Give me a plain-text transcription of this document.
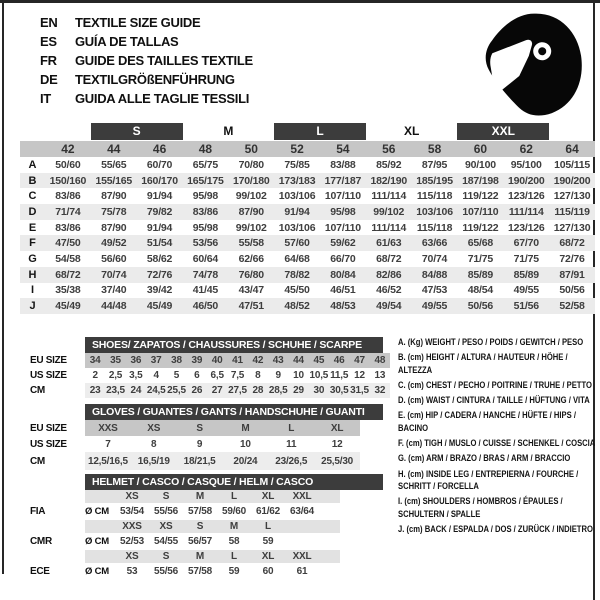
EN	TEXTILE SIZE GUIDE
ES	GUÍA DE TALLAS
FR	GUIDE DES TAILLES TEXTILE
DE	TEXTILGRÖßENFÜHRUNG
IT	GUIDA ALLE TAGLIE TESSILI
S	M	L	XL	XXL
42	44	46	48	50	52	54	56	58	60	62	64
A	50/60	55/65	60/70	65/75	70/80	75/85	83/88	85/92	87/95	90/100	95/100	105/115
B	150/160 155/165 160/170 165/175 170/180 173/183 177/187 182/190 185/195 187/198 190/200 190/200
C	83/86	87/90	91/94	95/98	99/102	103/106 107/110 111/114	115/118 119/122 123/126 127/130
D	71/74	75/78	79/82	83/86	87/90	91/94	95/98	99/102	103/106 107/110 111/114	115/119
E	83/86	87/90	91/94	95/98	99/102	103/106 107/110 111/114	115/118 119/122 123/126 127/130
F	47/50	49/52	51/54	53/56	55/58	57/60	59/62	61/63	63/66	65/68	67/70	68/72
G	54/58	56/60	58/62	60/64	62/66	64/68	66/70	68/72	70/74	71/75	71/75	72/76
H	68/72	70/74	72/76	74/78	76/80	78/82	80/84	82/86	84/88	85/89	85/89	87/91
I	35/38	37/40	39/42	41/45	43/47	45/50	46/51	46/52	47/53	48/54	49/55	50/56
J	45/49	44/48	45/49	46/50	47/51	48/52	48/53	49/54	49/55	50/56	51/56	52/58
SHOES/ ZAPATOS / CHAUSSURES / SCHUHE / SCARPE
EU SIZE	34 35 36 37 38 39 40 41 42 43 44 45 46 47 48
US SIZE	2	2,5 3,5	4	5	6	6,5 7,5	8	9	10 10,5 11,5 12 13
CM	23 23,5 24 24,5 25,5 26 27 27,5 28 28,5 29 30 30,5 31,5 32
GLOVES / GUANTES / GANTS / HANDSCHUHE / GUANTI
EU SIZE	XXS	XS	S	M	L	XL
US SIZE	7	8	9	10	11	12
CM	12,5/16,5 16,5/19	18/21,5	20/24	23/26,5	25,5/30
HELMET / CASCO / CASQUE / HELM / CASCO
XS	S	M	L	XL	XXL
FIA	Ø CM	53/54 55/56 57/58 59/60 61/62 63/64
XXS	XS	S	M	L
CMR	Ø CM	52/53 54/55 56/57	58	59
XS	S	M	L	XL	XXL
ECE	Ø CM	53	55/56 57/58	59	60	61
A. (Kg) WEIGHT / PESO / POIDS / GEWITCH / PESO
B. (cm) HEIGHT / ALTURA / HAUTEUR / HÖHE / ALTEZZA
C. (cm) CHEST / PECHO / POITRINE / TRUHE / PETTO
D. (cm) WAIST / CINTURA / TAILLE / HÜFTUNG / VITA
E. (cm) HIP / CADERA / HANCHE / HÜFTE / HIPS / BACINO
F. (cm) TIGH / MUSLO / CUISSE / SCHENKEL / COSCIA
G. (cm) ARM / BRAZO / BRAS / ARM / BRACCIO
H. (cm) INSIDE LEG / ENTREPIERNA / FOURCHE / SCHRITT / FORCELLA
I. (cm) SHOULDERS / HOMBROS / ÉPAULES / SCHULTERN / SPALLE
J. (cm) BACK / ESPALDA / DOS / ZURÜCK / INDIETRO
